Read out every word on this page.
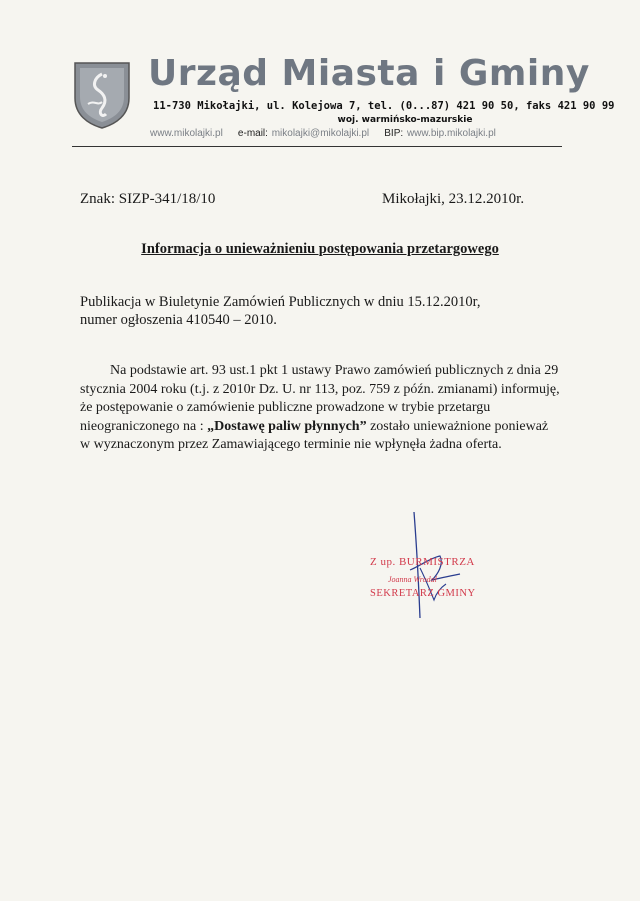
Urząd Miasta i Gminy
11-730 Mikołajki, ul. Kolejowa 7, tel. (0...87) 421 90 50, faks 421 90 99
woj. warmińsko-mazurskie
www.mikolajki.pl e-mail: mikolajki@mikolajki.pl BIP: www.bip.mikolajki.pl
Znak: SIZP-341/18/10	Mikołajki, 23.12.2010r.
Informacja o unieważnieniu postępowania przetargowego
Publikacja w Biuletynie Zamówień Publicznych w dniu 15.12.2010r,
numer ogłoszenia 410540 – 2010.
Na podstawie art. 93 ust.1 pkt 1 ustawy Prawo zamówień publicznych z dnia 29 stycznia 2004 roku (t.j. z 2010r Dz. U. nr 113, poz. 759 z późn. zmianami) informuję, że postępowanie o zamówienie publiczne prowadzone w trybie przetargu nieograniczonego na : „Dostawę paliw płynnych” zostało unieważnione ponieważ w wyznaczonym przez Zamawiającego terminie nie wpłynęła żadna oferta.
Z up. BURMISTRZA
Joanna Wrodał
SEKRETARZ GMINY
